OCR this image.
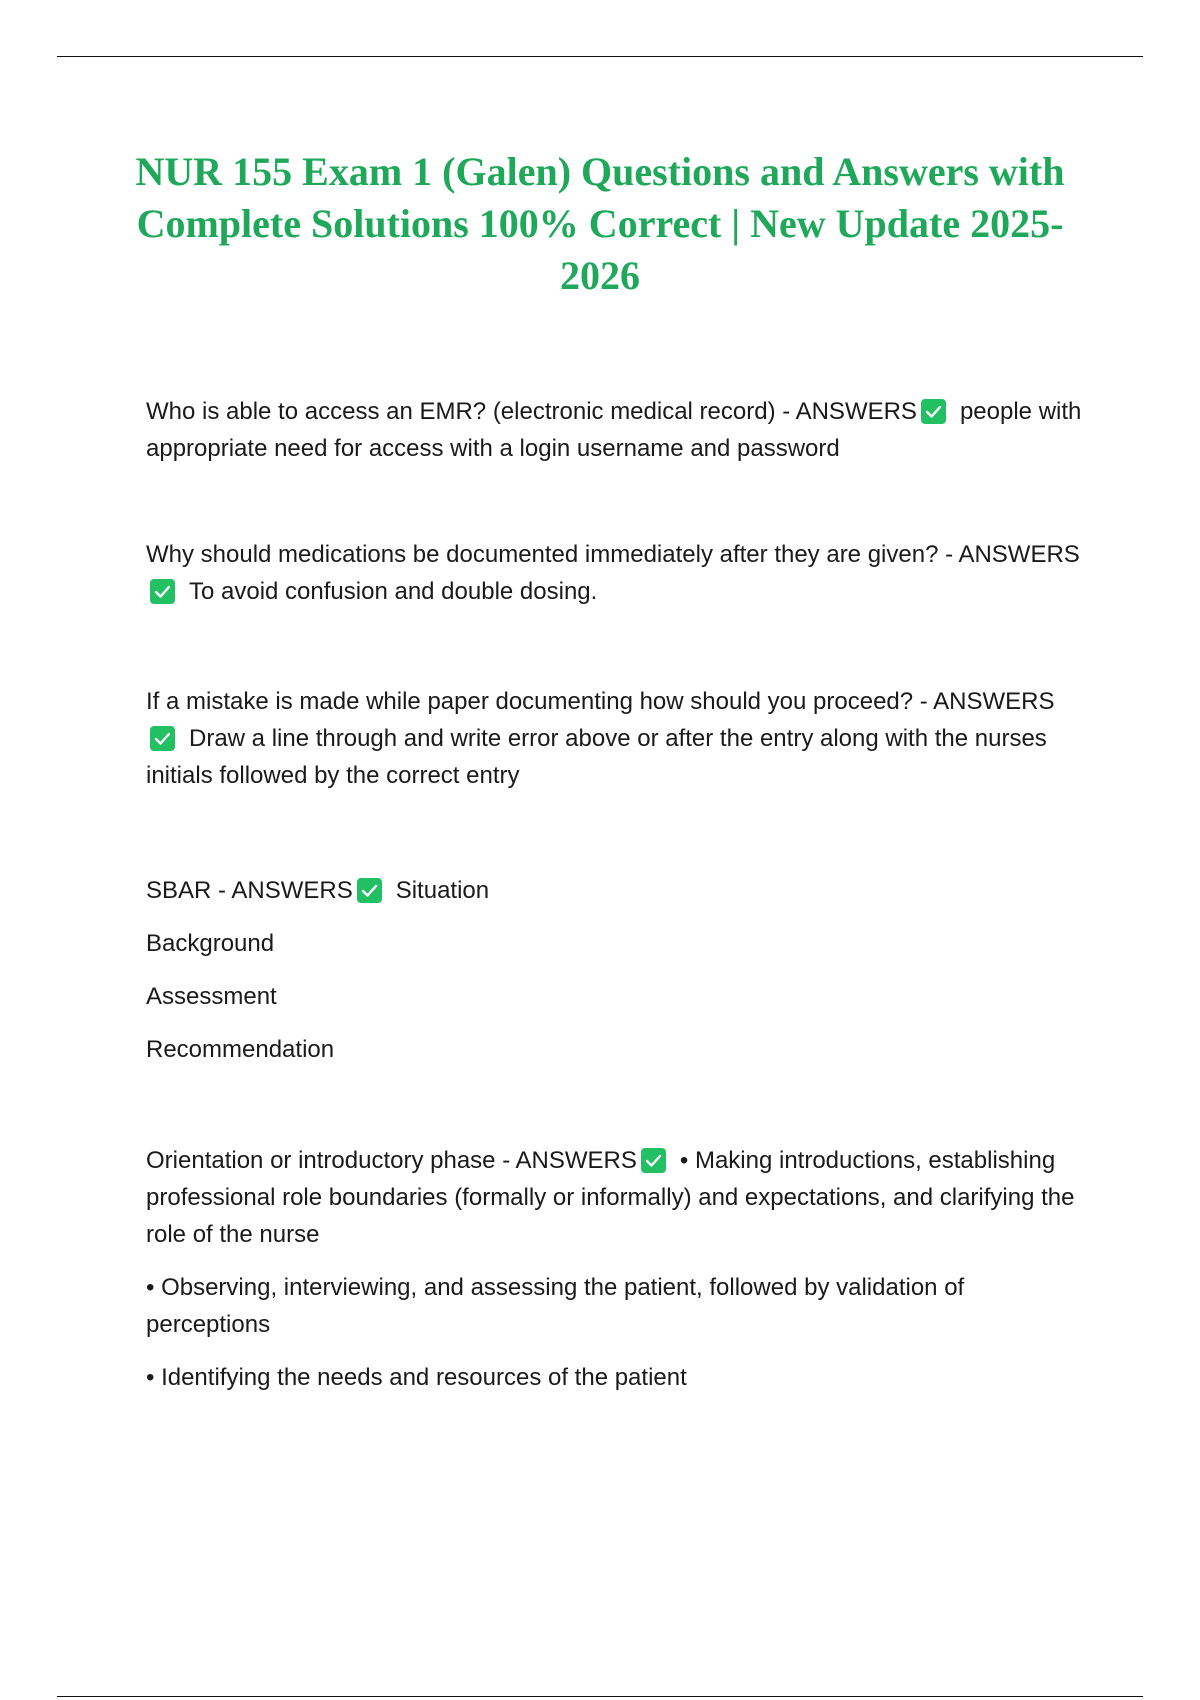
NUR 155 Exam 1 (Galen) Questions and Answers with Complete Solutions 100% Correct | New Update 2025-2026

Who is able to access an EMR? (electronic medical record) - ANSWERS people with appropriate need for access with a login username and password

Why should medications be documented immediately after they are given? - ANSWERS
To avoid confusion and double dosing.

If a mistake is made while paper documenting how should you proceed? - ANSWERS
Draw a line through and write error above or after the entry along with the nurses initials followed by the correct entry

SBAR - ANSWERS Situation

Background

Assessment

Recommendation

Orientation or introductory phase - ANSWERS • Making introductions, establishing professional role boundaries (formally or informally) and expectations, and clarifying the role of the nurse

• Observing, interviewing, and assessing the patient, followed by validation of perceptions

• Identifying the needs and resources of the patient
